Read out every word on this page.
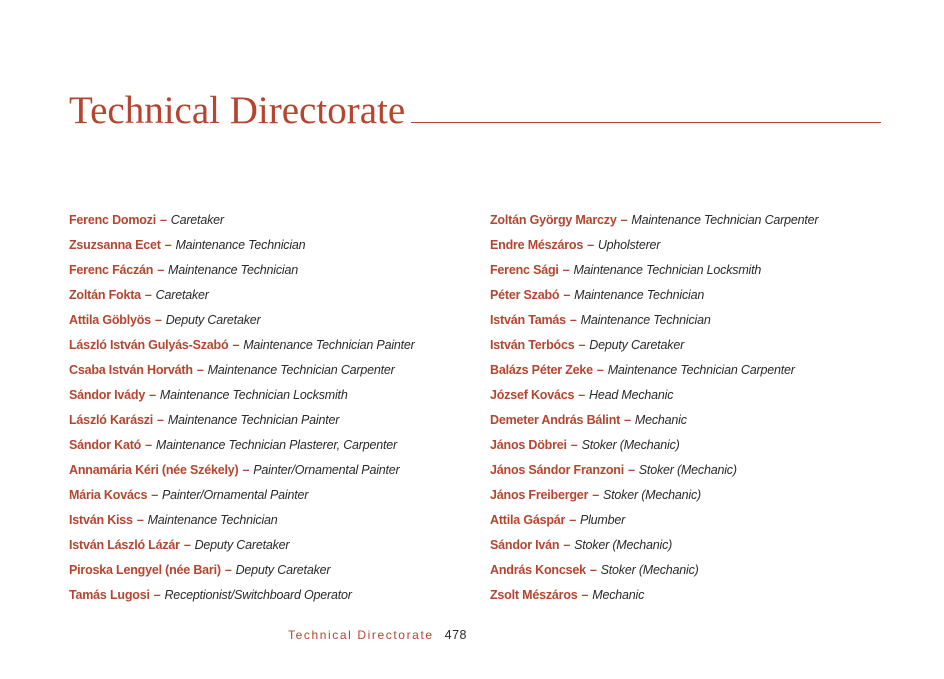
Technical Directorate
Ferenc Domozi – Caretaker
Zsuzsanna Ecet – Maintenance Technician
Ferenc Fáczán – Maintenance Technician
Zoltán Fokta – Caretaker
Attila Göblyös – Deputy Caretaker
László István Gulyás-Szabó – Maintenance Technician Painter
Csaba István Horváth – Maintenance Technician Carpenter
Sándor Ivády – Maintenance Technician Locksmith
László Karászi – Maintenance Technician Painter
Sándor Kató – Maintenance Technician Plasterer, Carpenter
Annamária Kéri (née Székely) – Painter/Ornamental Painter
Mária Kovács – Painter/Ornamental Painter
István Kiss – Maintenance Technician
István László Lázár – Deputy Caretaker
Piroska Lengyel (née Bari) – Deputy Caretaker
Tamás Lugosi – Receptionist/Switchboard Operator
Zoltán György Marczy – Maintenance Technician Carpenter
Endre Mészáros – Upholsterer
Ferenc Sági – Maintenance Technician Locksmith
Péter Szabó – Maintenance Technician
István Tamás – Maintenance Technician
István Terbócs – Deputy Caretaker
Balázs Péter Zeke – Maintenance Technician Carpenter
József Kovács – Head Mechanic
Demeter András Bálint – Mechanic
János Döbrei – Stoker (Mechanic)
János Sándor Franzoni – Stoker (Mechanic)
János Freiberger – Stoker (Mechanic)
Attila Gáspár – Plumber
Sándor Iván – Stoker (Mechanic)
András Koncsek – Stoker (Mechanic)
Zsolt Mészáros – Mechanic
Technical Directorate 478
